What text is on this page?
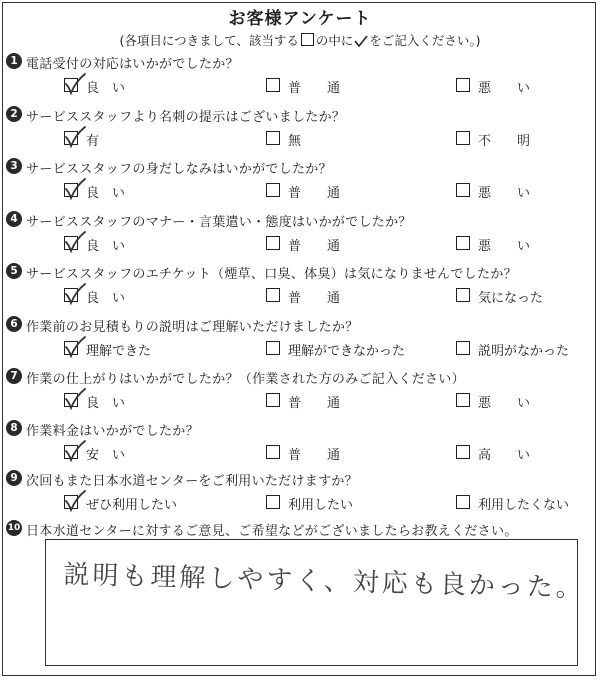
お客様アンケート
(各項目につきまして、該当する の中に をご記入ください。)
1 電話受付の対応はいかがでしたか？
良　い	普　　通	悪　　い
2 サービススタッフより名刺の提示はございましたか？
有	無	不　　明
3 サービススタッフの身だしなみはいかがでしたか？
良　い	普　　通	悪　　い
4 サービススタッフのマナー・言葉遣い・態度はいかがでしたか？
良　い	普　　通	悪　　い
5 サービススタッフのエチケット（煙草、口臭、体臭）は気になりませんでしたか？
良　い	普　　通	気になった
6 作業前のお見積もりの説明はご理解いただけましたか？
理解できた	理解ができなかった	説明がなかった
7 作業の仕上がりはいかがでしたか？（作業された方のみご記入ください）
良　い	普　　通	悪　　い
8 作業料金はいかがでしたか？
安　い	普　　通	高　　い
9 次回もまた日本水道センターをご利用いただけますか？
ぜひ利用したい	利用したい	利用したくない
10 日本水道センターに対するご意見、ご希望などがございましたらお教えください。
説明も理解しやすく、対応も良かった。
